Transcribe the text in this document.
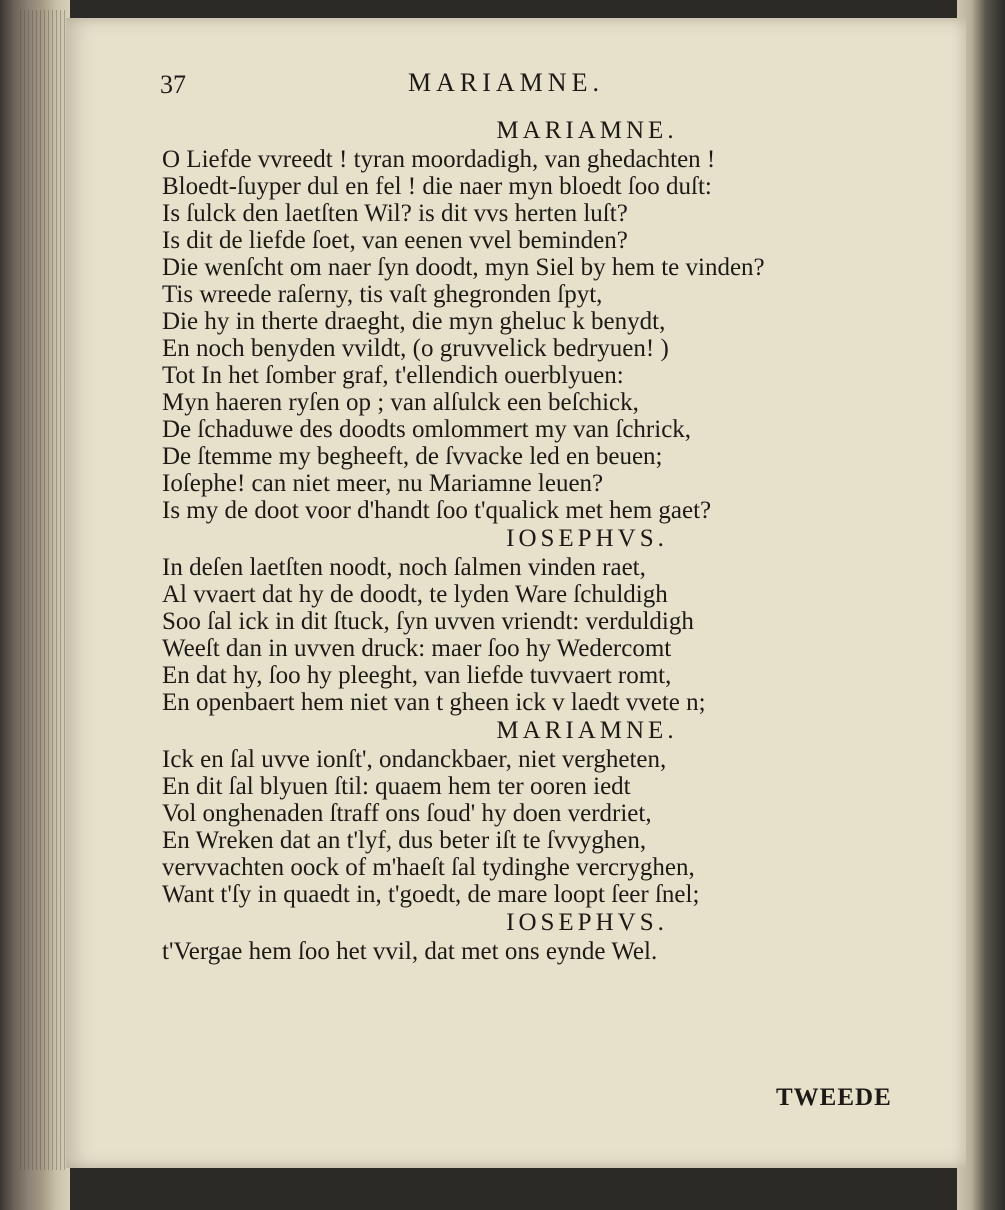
37	MARIAMNE.
MARIAMNE.
O Liefde vvreedt ! tyran moordadigh, van ghedachten !
Bloedt-ſuyper dul en fel ! die naer myn bloedt ſoo duſt:
Is ſulck den laetſten Wil? is dit vvs herten luſt?
Is dit de liefde ſoet, van eenen vvel beminden?
Die wenſcht om naer ſyn doodt, myn Siel by hem te vinden?
Tis wreede raſerny, tis vaſt ghegronden ſpyt,
Die hy in therte draeght, die myn gheluc k benydt,
En noch benyden vvildt, (o gruvvelick bedryuen! )
Tot In het ſomber graf, t'ellendich ouerblyuen:
Myn haeren ryſen op ; van alſulck een beſchick,
De ſchaduwe des doodts omlommert my van ſchrick,
De ſtemme my begheeft, de ſvvacke led en beuen;
Ioſephe! can niet meer, nu Mariamne leuen?
Is my de doot voor d'handt ſoo t'qualick met hem gaet?
IOSEPHVS.
In deſen laetſten noodt, noch ſalmen vinden raet,
Al vvaert dat hy de doodt, te lyden Ware ſchuldigh
Soo ſal ick in dit ſtuck, ſyn uvven vriendt: verduldigh
Weeſt dan in uvven druck: maer ſoo hy Wedercomt
En dat hy, ſoo hy pleeght, van liefde tuvvaert romt,
En openbaert hem niet van t gheen ick v laedt vvete n;
MARIAMNE.
Ick en ſal uvve ionſt', ondanckbaer, niet vergheten,
En dit ſal blyuen ſtil: quaem hem ter ooren iedt
Vol onghenaden ſtraff ons ſoud' hy doen verdriet,
En Wreken dat an t'lyf, dus beter iſt te ſvvyghen,
vervvachten oock of m'haeſt ſal tydinghe vercryghen,
Want t'ſy in quaedt in, t'goedt, de mare loopt ſeer ſnel;
IOSEPHVS.
t'Vergae hem ſoo het vvil, dat met ons eynde Wel.
TWEEDE
